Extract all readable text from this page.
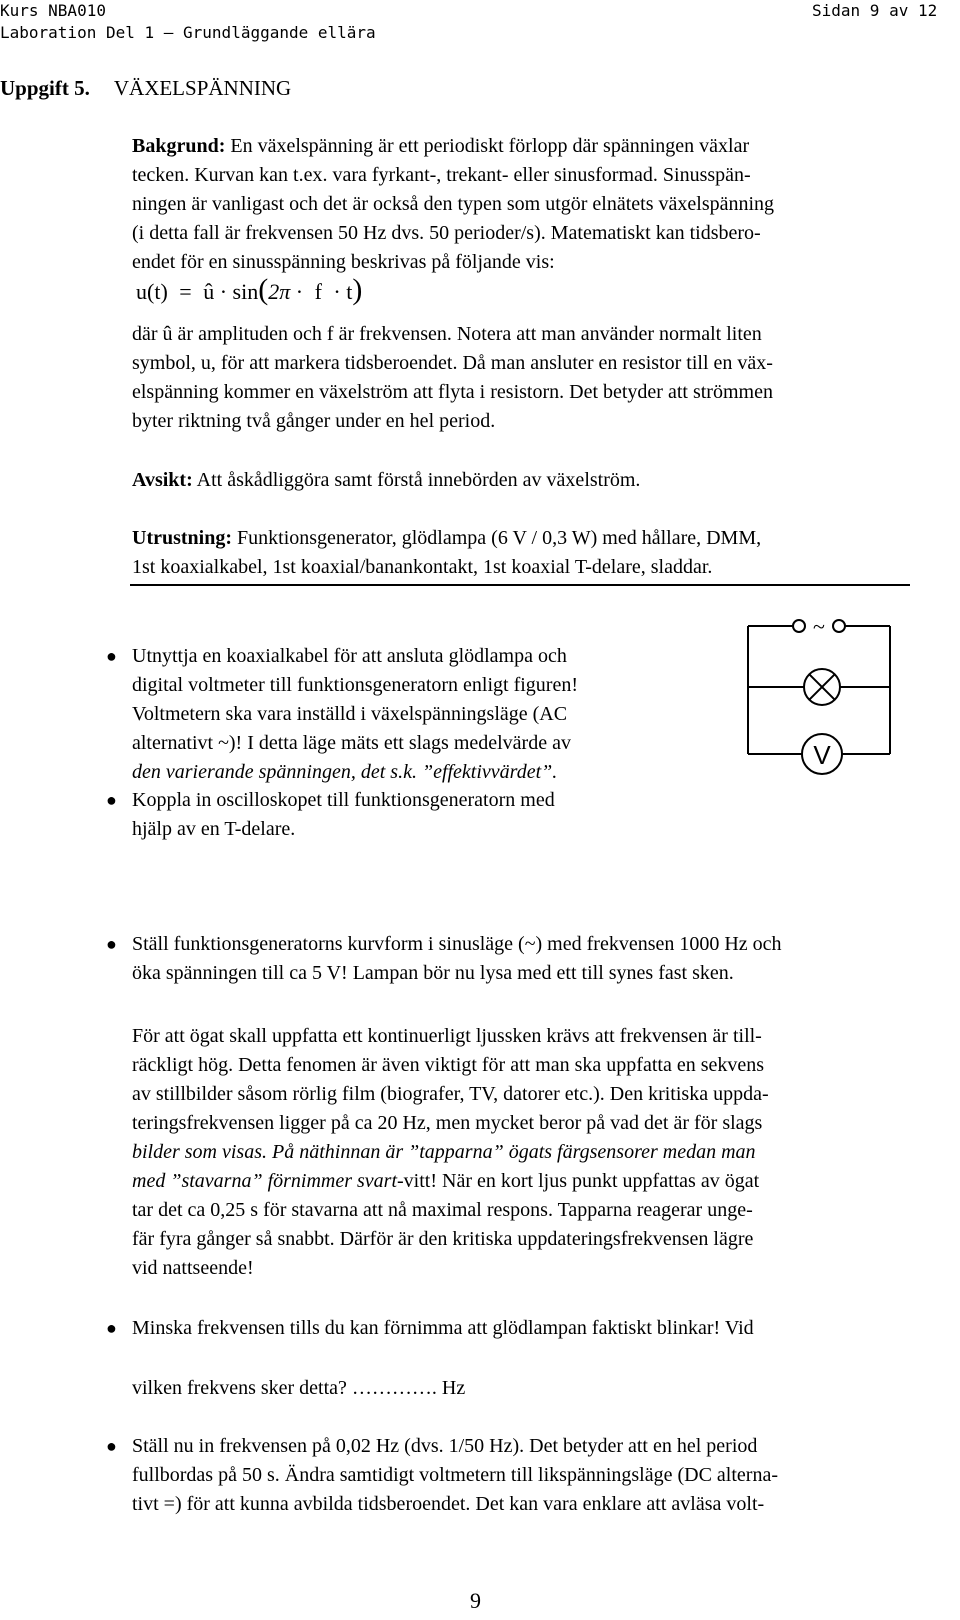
Kurs NBA010
Laboration Del 1 – Grundläggande ellära
Sidan 9 av 12
Uppgift 5. VÄXELSPÄNNING
Bakgrund: En växelspänning är ett periodiskt förlopp där spänningen växlar
tecken. Kurvan kan t.ex. vara fyrkant-, trekant- eller sinusformad. Sinusspän-
ningen är vanligast och det är också den typen som utgör elnätets växelspänning
(i detta fall är frekvensen 50 Hz dvs. 50 perioder/s). Matematiskt kan tidsbero-
endet för en sinusspänning beskrivas på följande vis:
u(t) = û · sin(2π · f · t)
där û är amplituden och f är frekvensen. Notera att man använder normalt liten
symbol, u, för att markera tidsberoendet. Då man ansluter en resistor till en väx-
elspänning kommer en växelström att flyta i resistorn. Det betyder att strömmen
byter riktning två gånger under en hel period.
Avsikt: Att åskådliggöra samt förstå innebörden av växelström.
Utrustning: Funktionsgenerator, glödlampa (6 V / 0,3 W) med hållare, DMM,
1st koaxialkabel, 1st koaxial/banankontakt, 1st koaxial T-delare, sladdar.
● Utnyttja en koaxialkabel för att ansluta glödlampa och
digital voltmeter till funktionsgeneratorn enligt figuren!
Voltmetern ska vara inställd i växelspänningsläge (AC
alternativt ~)! I detta läge mäts ett slags medelvärde av
den varierande spänningen, det s.k. ”effektivvärdet”.
● Koppla in oscilloskopet till funktionsgeneratorn med
hjälp av en T-delare.
~
V
● Ställ funktionsgeneratorns kurvform i sinusläge (~) med frekvensen 1000 Hz och
öka spänningen till ca 5 V! Lampan bör nu lysa med ett till synes fast sken.
För att ögat skall uppfatta ett kontinuerligt ljussken krävs att frekvensen är till-
räckligt hög. Detta fenomen är även viktigt för att man ska uppfatta en sekvens
av stillbilder såsom rörlig film (biografer, TV, datorer etc.). Den kritiska uppda-
teringsfrekvensen ligger på ca 20 Hz, men mycket beror på vad det är för slags
bilder som visas. På näthinnan är ”tapparna” ögats färgsensorer medan man
med ”stavarna” förnimmer svart-vitt! När en kort ljus punkt uppfattas av ögat
tar det ca 0,25 s för stavarna att nå maximal respons. Tapparna reagerar unge-
fär fyra gånger så snabbt. Därför är den kritiska uppdateringsfrekvensen lägre
vid nattseende!
● Minska frekvensen tills du kan förnimma att glödlampan faktiskt blinkar! Vid
vilken frekvens sker detta? …………. Hz
● Ställ nu in frekvensen på 0,02 Hz (dvs. 1/50 Hz). Det betyder att en hel period
fullbordas på 50 s. Ändra samtidigt voltmetern till likspänningsläge (DC alterna-
tivt =) för att kunna avbilda tidsberoendet. Det kan vara enklare att avläsa volt-
9
